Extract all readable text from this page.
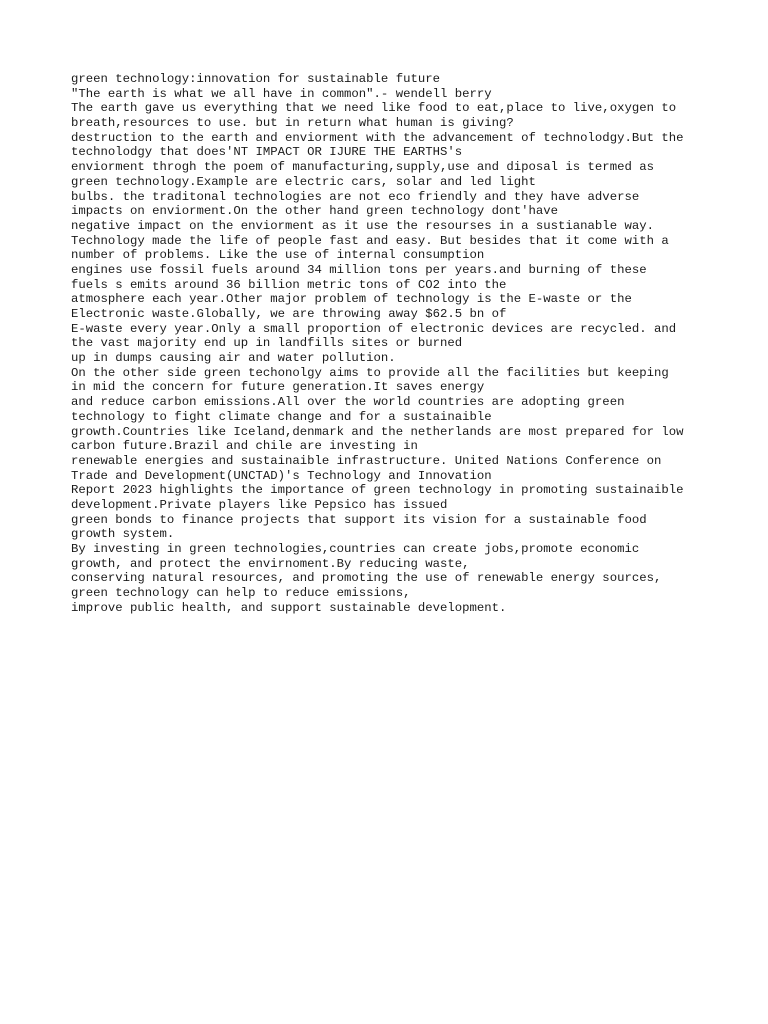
green technology:innovation for sustainable future
"The earth is what we all have in common".- wendell berry
The earth gave us everything that we need like food to eat,place to live,oxygen to
breath,resources to use. but in return what human is giving?
destruction to the earth and enviorment with the advancement of technolodgy.But the
technolodgy that does'NT IMPACT OR IJURE THE EARTHS's
enviorment throgh the poem of manufacturing,supply,use and diposal is termed as
green technology.Example are electric cars, solar and led light
bulbs. the traditonal technologies are not eco friendly and they have adverse
impacts on enviorment.On the other hand green technology dont'have
negative impact on the enviorment as it use the resourses in a sustianable way.
Technology made the life of people fast and easy. But besides that it come with a
number of problems. Like the use of internal consumption
engines use fossil fuels around 34 million tons per years.and burning of these
fuels s emits around 36 billion metric tons of CO2 into the
atmosphere each year.Other major problem of technology is the E-waste or the
Electronic waste.Globally, we are throwing away $62.5 bn of
E-waste every year.Only a small proportion of electronic devices are recycled. and
the vast majority end up in landfills sites or burned
up in dumps causing air and water pollution.
On the other side green techonolgy aims to provide all the facilities but keeping
in mid the concern for future generation.It saves energy
and reduce carbon emissions.All over the world countries are adopting green
technology to fight climate change and for a sustainaible
growth.Countries like Iceland,denmark and the netherlands are most prepared for low
carbon future.Brazil and chile are investing in
renewable energies and sustainaible infrastructure. United Nations Conference on
Trade and Development(UNCTAD)'s Technology and Innovation
Report 2023 highlights the importance of green technology in promoting sustainaible
development.Private players like Pepsico has issued
green bonds to finance projects that support its vision for a sustainable food
growth system.
By investing in green technologies,countries can create jobs,promote economic
growth, and protect the envirnoment.By reducing waste,
conserving natural resources, and promoting the use of renewable energy sources,
green technology can help to reduce emissions,
improve public health, and support sustainable development.
